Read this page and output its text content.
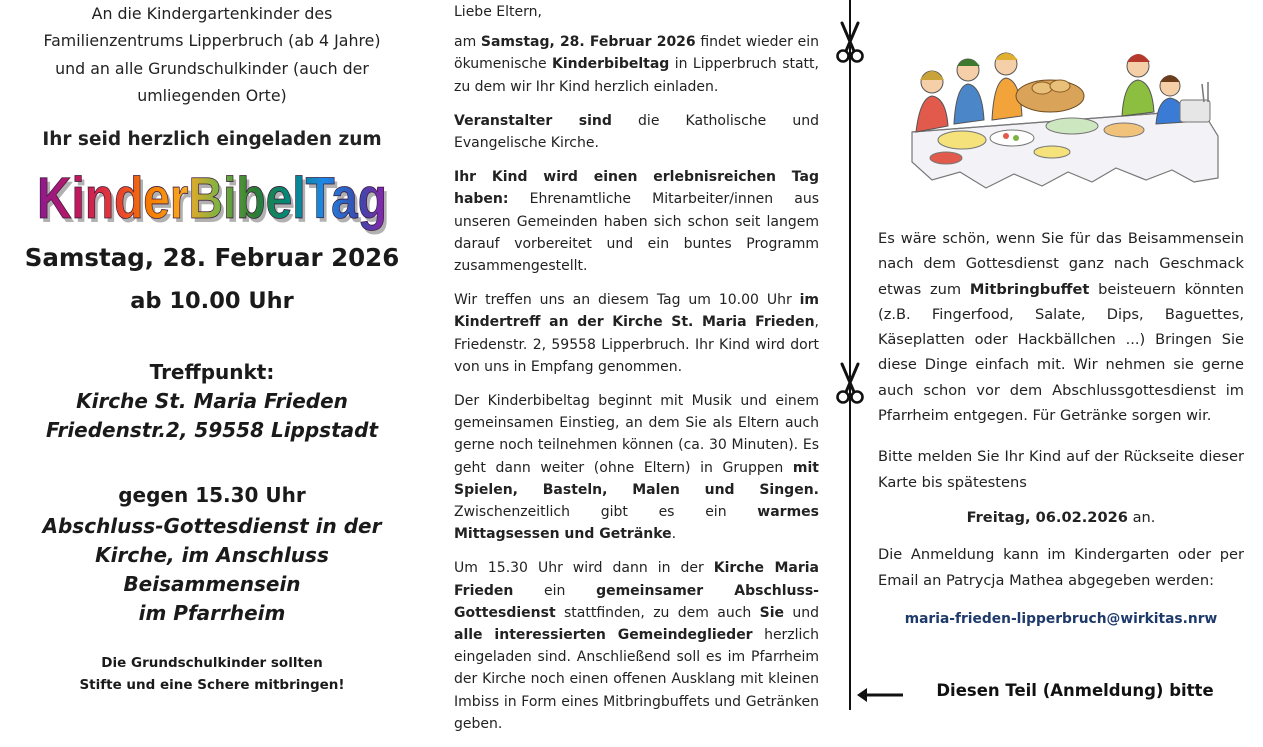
An die Kindergartenkinder des

Familienzentrums Lipperbruch (ab 4 Jahre)

und an alle Grundschulkinder (auch der

umliegenden Orte)

Ihr seid herzlich eingeladen zum
KinderBibelTag
KinderBibelTag
Samstag, 28. Februar 2026
ab 10.00 Uhr
Treffpunkt:
Kirche St. Maria Frieden
Friedenstr.2, 59558 Lippstadt
gegen 15.30 Uhr
Abschluss-Gottesdienst in der
Kirche, im Anschluss Beisammensein
im Pfarrheim
Die Grundschulkinder sollten
Stifte und eine Schere mitbringen!

Liebe Eltern,

am Samstag, 28. Februar 2026 findet wieder ein ökumenische Kinderbibeltag in Lipperbruch statt, zu dem wir Ihr Kind herzlich einladen.

Veranstalter sind die Katholische und Evangelische Kirche.

Ihr Kind wird einen erlebnisreichen Tag haben: Ehrenamtliche Mitarbeiter/innen aus unseren Gemeinden haben sich schon seit langem darauf vorbereitet und ein buntes Programm zusammengestellt.

Wir treffen uns an diesem Tag um 10.00 Uhr im Kindertreff an der Kirche St. Maria Frieden, Friedenstr. 2, 59558 Lipperbruch. Ihr Kind wird dort von uns in Empfang genommen.

Der Kinderbibeltag beginnt mit Musik und einem gemeinsamen Einstieg, an dem Sie als Eltern auch gerne noch teilnehmen können (ca. 30 Minuten). Es geht dann weiter (ohne Eltern) in Gruppen mit Spielen, Basteln, Malen und Singen. Zwischenzeitlich gibt es ein warmes Mittagsessen und Getränke.

Um 15.30 Uhr wird dann in der Kirche Maria Frieden ein gemeinsamer Abschluss-Gottesdienst stattfinden, zu dem auch Sie und alle interessierten Gemeindeglieder herzlich eingeladen sind. Anschließend soll es im Pfarrheim der Kirche noch einen offenen Ausklang mit kleinen Imbiss in Form eines Mitbringbuffets und Getränken geben.

Es wäre schön, wenn Sie für das Beisammensein nach dem Gottesdienst ganz nach Geschmack etwas zum Mitbringbuffet beisteuern könnten (z.B. Fingerfood, Salate, Dips, Baguettes, Käseplatten oder Hackbällchen ...) Bringen Sie diese Dinge einfach mit. Wir nehmen sie gerne auch schon vor dem Abschlussgottesdienst im Pfarrheim entgegen. Für Getränke sorgen wir.

Bitte melden Sie Ihr Kind auf der Rückseite dieser Karte bis spätestens

Freitag, 06.02.2026 an.

Die Anmeldung kann im Kindergarten oder per Email an Patrycja Mathea abgegeben werden:

maria-frieden-lipperbruch@wirkitas.nrw
Diesen Teil (Anmeldung) bitte
